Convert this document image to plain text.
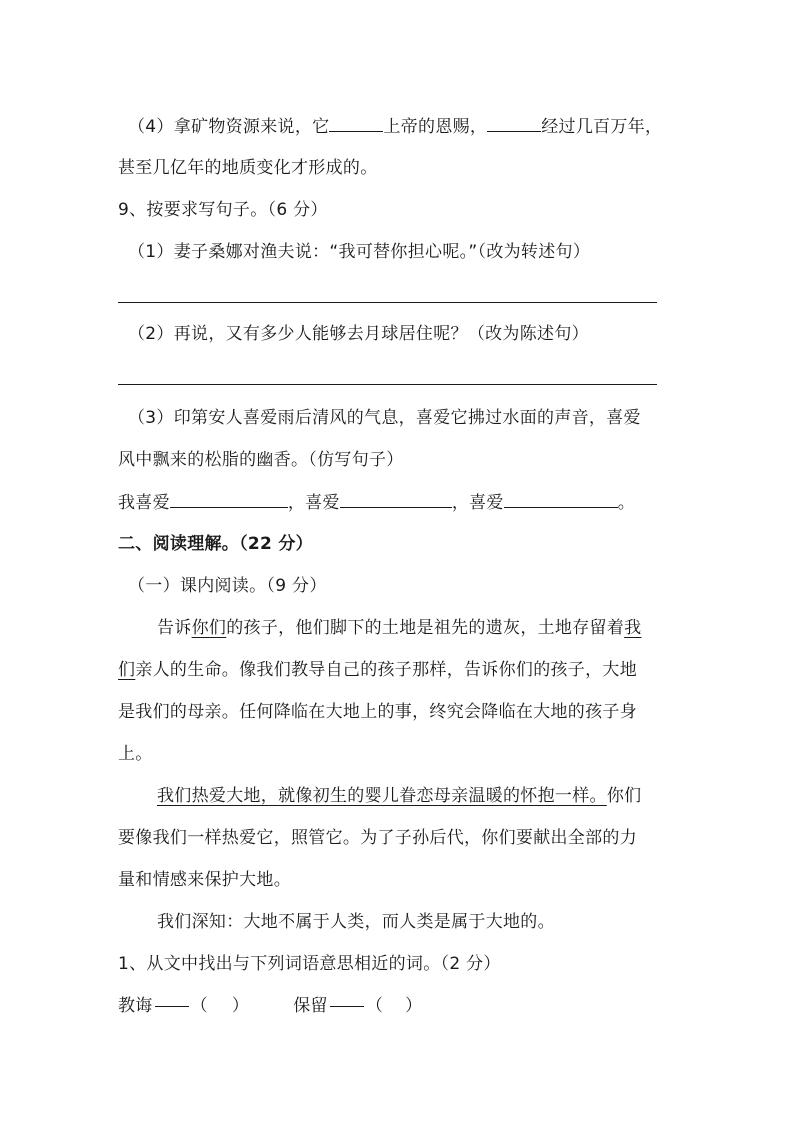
（4）拿矿物资源来说，它	上帝的恩赐，	经过几百万年，
甚至几亿年的地质变化才形成的。
9、按要求写句子。（6 分）
（1）妻子桑娜对渔夫说：“我可替你担心呢。”（改为转述句）
（2）再说，又有多少人能够去月球居住呢？（改为陈述句）
（3）印第安人喜爱雨后清风的气息，喜爱它拂过水面的声音，喜爱
风中飘来的松脂的幽香。（仿写句子）
我喜爱	，喜爱	，喜爱	。
二、阅读理解。（22 分）
（一）课内阅读。（9 分）
告诉你们的孩子，他们脚下的土地是祖先的遗灰，土地存留着我
们亲人的生命。像我们教导自己的孩子那样，告诉你们的孩子，大地
是我们的母亲。任何降临在大地上的事，终究会降临在大地的孩子身
上。
我们热爱大地，就像初生的婴儿眷恋母亲温暖的怀抱一样。你们
要像我们一样热爱它，照管它。为了子孙后代，你们要献出全部的力
量和情感来保护大地。
我们深知：大地不属于人类，而人类是属于大地的。
1、从文中找出与下列词语意思相近的词。（2 分）
教诲 （ ）	保留 （ ）
